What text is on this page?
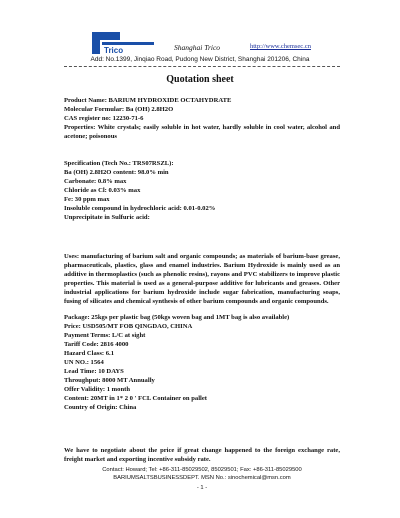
Trico	Shanghai Trico	http://www.chemsec.cn
Add: No.1399, Jinqiao Road, Pudong New District, Shanghai 201206, China
Quotation sheet
Product Name: BARIUM HYDROXIDE OCTAHYDRATE
Molecular Formular: Ba (OH) 2.8H2O
CAS register no: 12230-71-6
Properties: White crystals; easily soluble in hot water, hardly soluble in cool water, alcohol and acetone; poisonous
Specification (Tech No.: TRS07RSZL):
Ba (OH) 2.8H2O content: 98.0% min
Carbonate: 0.8% max
Chloride as Cl: 0.03% max
Fe: 30 ppm max
Insoluble compound in hydrochloric acid: 0.01-0.02%
Unprecipitate in Sulfuric acid:
Uses: manufacturing of barium salt and organic compounds; as materials of barium-base grease, pharmaceuticals, plastics, glass and enamel industries. Barium Hydroxide is mainly used as an additive in thermoplastics (such as phenolic resins), rayons and PVC stabilizers to improve plastic properties. This material is used as a general-purpose additive for lubricants and greases. Other industrial applications for barium hydroxide include sugar fabrication, manufacturing soaps, fusing of silicates and chemical synthesis of other barium compounds and organic compounds.
Package: 25kgs per plastic bag (50kgs woven bag and 1MT bag is also available)
Price: USD505/MT FOB QINGDAO, CHINA
Payment Terms: L/C at sight
Tariff Code: 2816 4000
Hazard Class: 6.1
UN NO.: 1564
Lead Time: 10 DAYS
Throughput: 8000 MT Annually
Offer Validity: 1 month
Content: 20MT in 1* 2 0 ' FCL Container on pallet
Country of Origin: China
We have to negotiate about the price if great change happened to the foreign exchange rate, freight market and exporting incentive subsidy rate.
Contact: Howard; Tel: +86-311-85029502, 85029501; Fax: +86-311-85029500
BARIUMSALTSBUSINESSDEPT. MSN No.: sinochemical@msn.com
- 1 -
